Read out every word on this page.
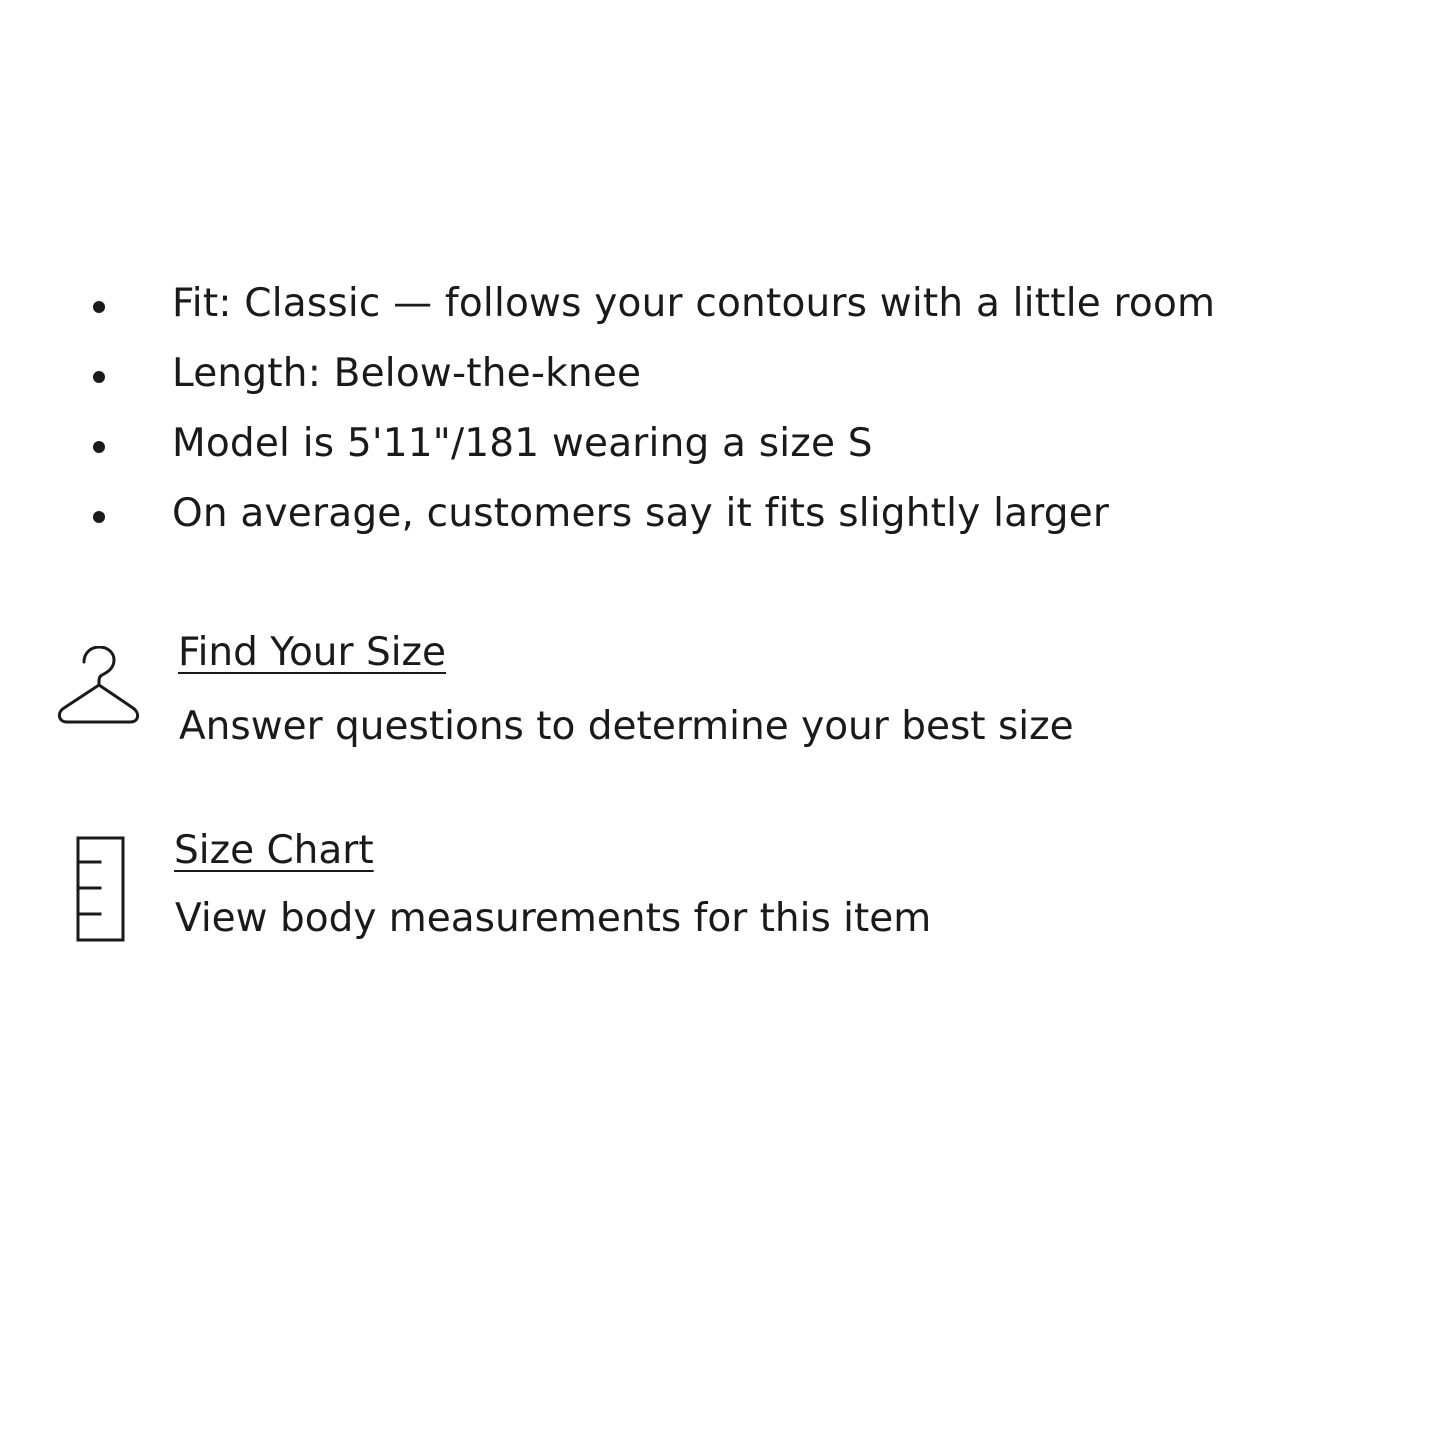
Fit: Classic — follows your contours with a little room
Length: Below-the-knee
Model is 5'11"/181 wearing a size S
On average, customers say it fits slightly larger
Find Your Size
Answer questions to determine your best size
Size Chart
View body measurements for this item
